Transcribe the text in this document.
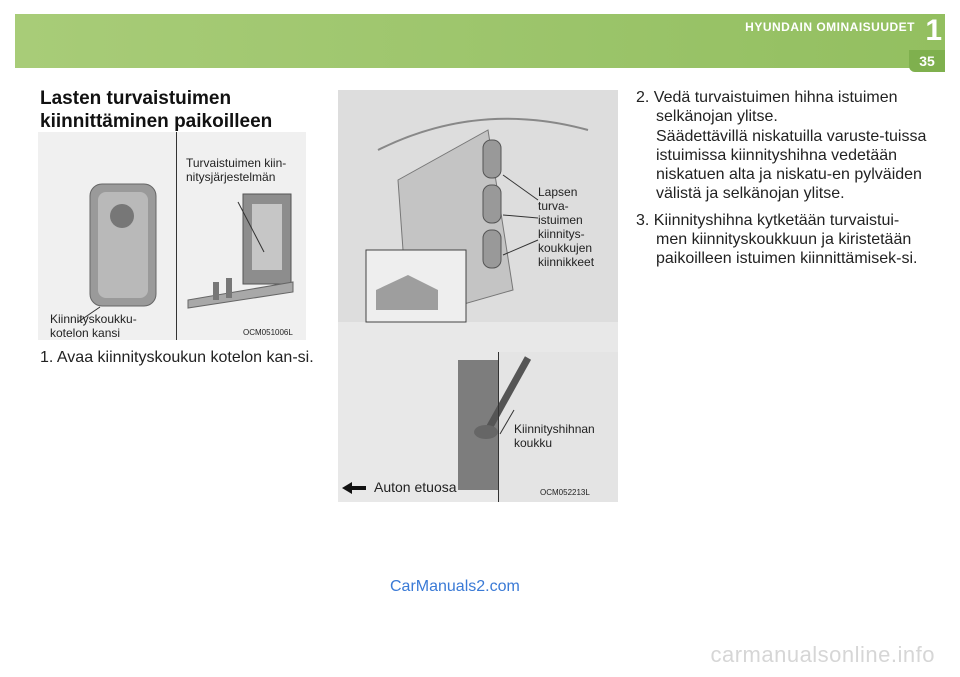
HYUNDAIN OMINAISUUDET 1
35
Lasten turvaistuimen
kiinnittäminen paikoilleen
Turvaistuimen kiin-
nitysjärjestelmän
Kiinnityskoukku-
kotelon kansi	OCM051006L
1. Avaa kiinnityskoukun kotelon kan-si.
Lapsen
turva-
istuimen
kiinnitys-
koukkujen
kiinnikkeet
Kiinnityshihnan
koukku
Auton etuosa	OCM052213L
2. Vedä turvaistuimen hihna istuimen selkänojan ylitse.
Säädettävillä niskatuilla varuste-tuissa istuimissa kiinnityshihna vedetään niskatuen alta ja niskatu-en pylväiden välistä ja selkänojan ylitse.
3. Kiinnityshihna kytketään turvaistui-men kiinnityskoukkuun ja kiristetään paikoilleen istuimen kiinnittämisek-si.
CarManuals2.com
carmanualsonline.info
